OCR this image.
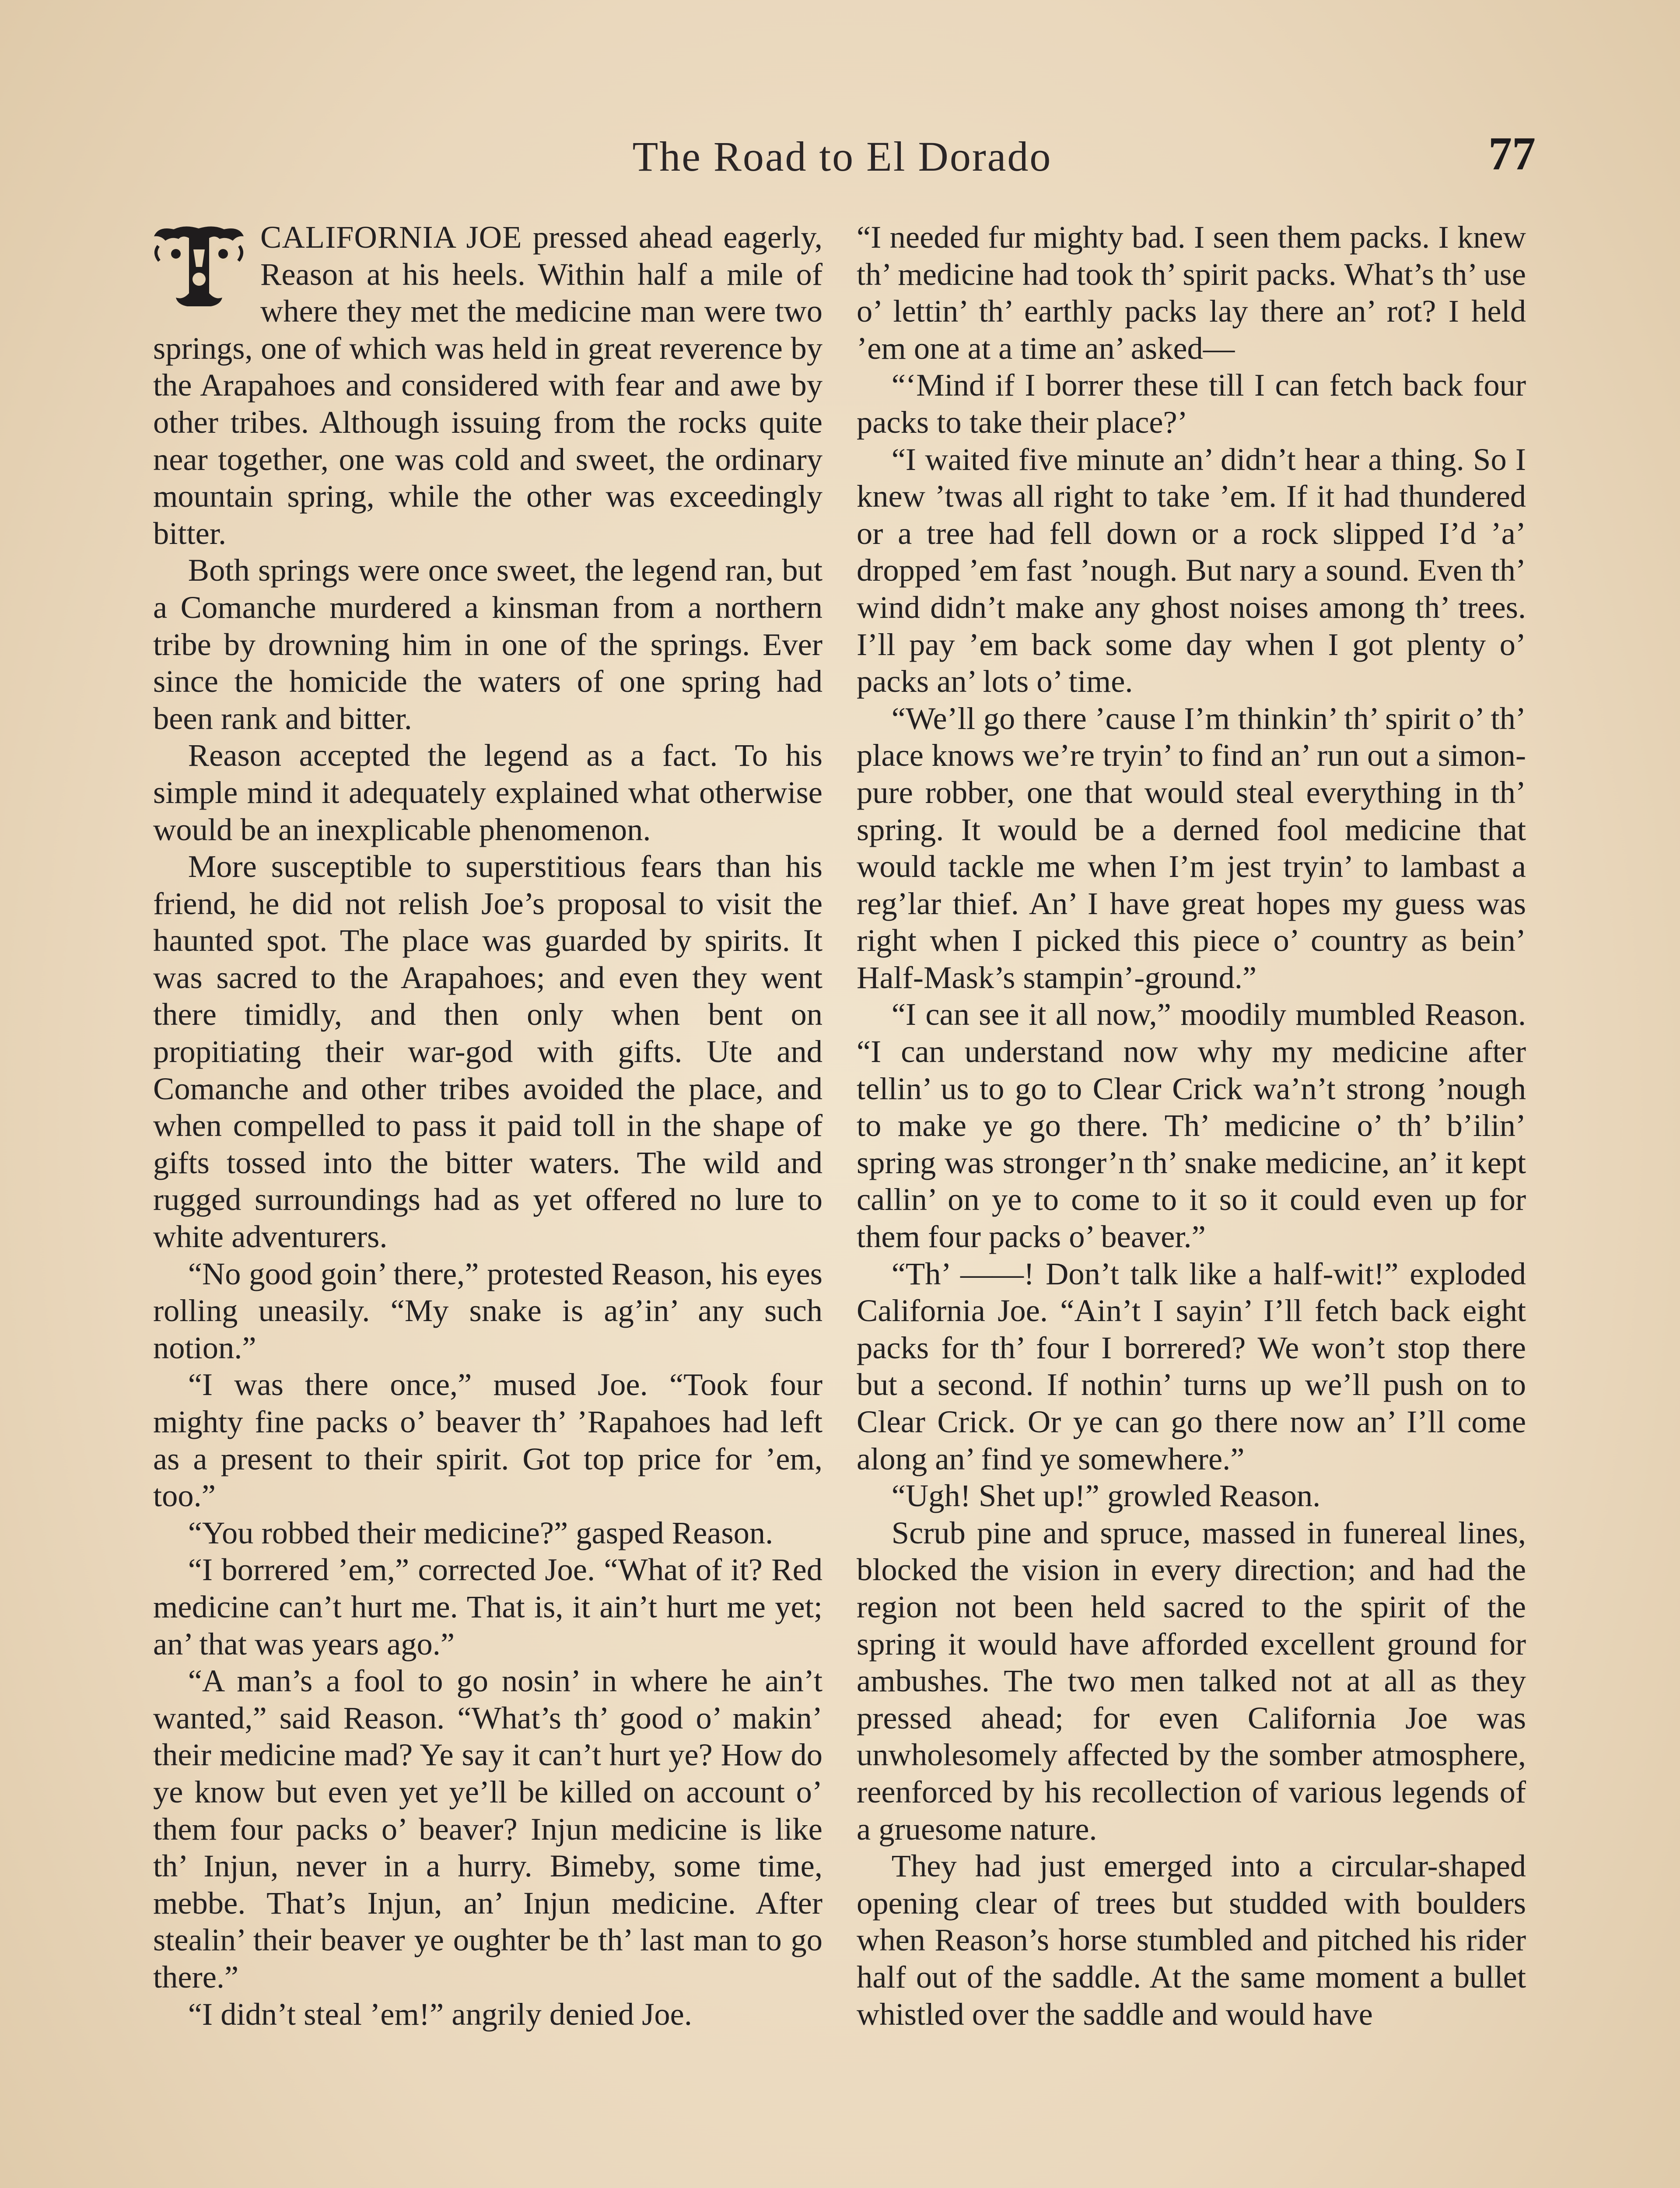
The Road to El Dorado	77

CALIFORNIA JOE pressed ahead eagerly, Reason at his heels. Within half a mile of where they met the medicine man were two springs, one of which was held in great reverence by the Arapahoes and considered with fear and awe by other tribes. Although issuing from the rocks quite near together, one was cold and sweet, the ordinary mountain spring, while the other was exceedingly bitter.

Both springs were once sweet, the legend ran, but a Comanche murdered a kinsman from a northern tribe by drowning him in one of the springs. Ever since the homicide the waters of one spring had been rank and bitter.

Reason accepted the legend as a fact. To his simple mind it adequately explained what otherwise would be an inexplicable phenomenon.

More susceptible to superstitious fears than his friend, he did not relish Joe’s proposal to visit the haunted spot. The place was guarded by spirits. It was sacred to the Arapahoes; and even they went there timidly, and then only when bent on propitiating their war-god with gifts. Ute and Comanche and other tribes avoided the place, and when compelled to pass it paid toll in the shape of gifts tossed into the bitter waters. The wild and rugged surroundings had as yet offered no lure to white adventurers.

“No good goin’ there,” protested Reason, his eyes rolling uneasily. “My snake is ag’in’ any such notion.”

“I was there once,” mused Joe. “Took four mighty fine packs o’ beaver th’ ’Rapahoes had left as a present to their spirit. Got top price for ’em, too.”

“You robbed their medicine?” gasped Reason.

“I borrered ’em,” corrected Joe. “What of it? Red medicine can’t hurt me. That is, it ain’t hurt me yet; an’ that was years ago.”

“A man’s a fool to go nosin’ in where he ain’t wanted,” said Reason. “What’s th’ good o’ makin’ their medicine mad? Ye say it can’t hurt ye? How do ye know but even yet ye’ll be killed on account o’ them four packs o’ beaver? Injun medicine is like th’ Injun, never in a hurry. Bimeby, some time, mebbe. That’s Injun, an’ Injun medicine. After stealin’ their beaver ye oughter be th’ last man to go there.”

“I didn’t steal ’em!” angrily denied Joe.

“I needed fur mighty bad. I seen them packs. I knew th’ medicine had took th’ spirit packs. What’s th’ use o’ lettin’ th’ earthly packs lay there an’ rot? I held ’em one at a time an’ asked—

“‘Mind if I borrer these till I can fetch back four packs to take their place?’

“I waited five minute an’ didn’t hear a thing. So I knew ’twas all right to take ’em. If it had thundered or a tree had fell down or a rock slipped I’d ’a’ dropped ’em fast ’nough. But nary a sound. Even th’ wind didn’t make any ghost noises among th’ trees. I’ll pay ’em back some day when I got plenty o’ packs an’ lots o’ time.

“We’ll go there ’cause I’m thinkin’ th’ spirit o’ th’ place knows we’re tryin’ to find an’ run out a simon-pure robber, one that would steal everything in th’ spring. It would be a derned fool medicine that would tackle me when I’m jest tryin’ to lambast a reg’lar thief. An’ I have great hopes my guess was right when I picked this piece o’ country as bein’ Half-Mask’s stampin’-ground.”

“I can see it all now,” moodily mumbled Reason. “I can understand now why my medicine after tellin’ us to go to Clear Crick wa’n’t strong ’nough to make ye go there. Th’ medicine o’ th’ b’ilin’ spring was stronger’n th’ snake medicine, an’ it kept callin’ on ye to come to it so it could even up for them four packs o’ beaver.”

“Th’ ——! Don’t talk like a half-wit!” exploded California Joe. “Ain’t I sayin’ I’ll fetch back eight packs for th’ four I borrered? We won’t stop there but a second. If nothin’ turns up we’ll push on to Clear Crick. Or ye can go there now an’ I’ll come along an’ find ye somewhere.”

“Ugh! Shet up!” growled Reason.

Scrub pine and spruce, massed in funereal lines, blocked the vision in every direction; and had the region not been held sacred to the spirit of the spring it would have afforded excellent ground for ambushes. The two men talked not at all as they pressed ahead; for even California Joe was unwholesomely affected by the somber atmosphere, reenforced by his recollection of various legends of a gruesome nature.

They had just emerged into a circular-shaped opening clear of trees but studded with boulders when Reason’s horse stumbled and pitched his rider half out of the saddle. At the same moment a bullet whistled over the saddle and would have
